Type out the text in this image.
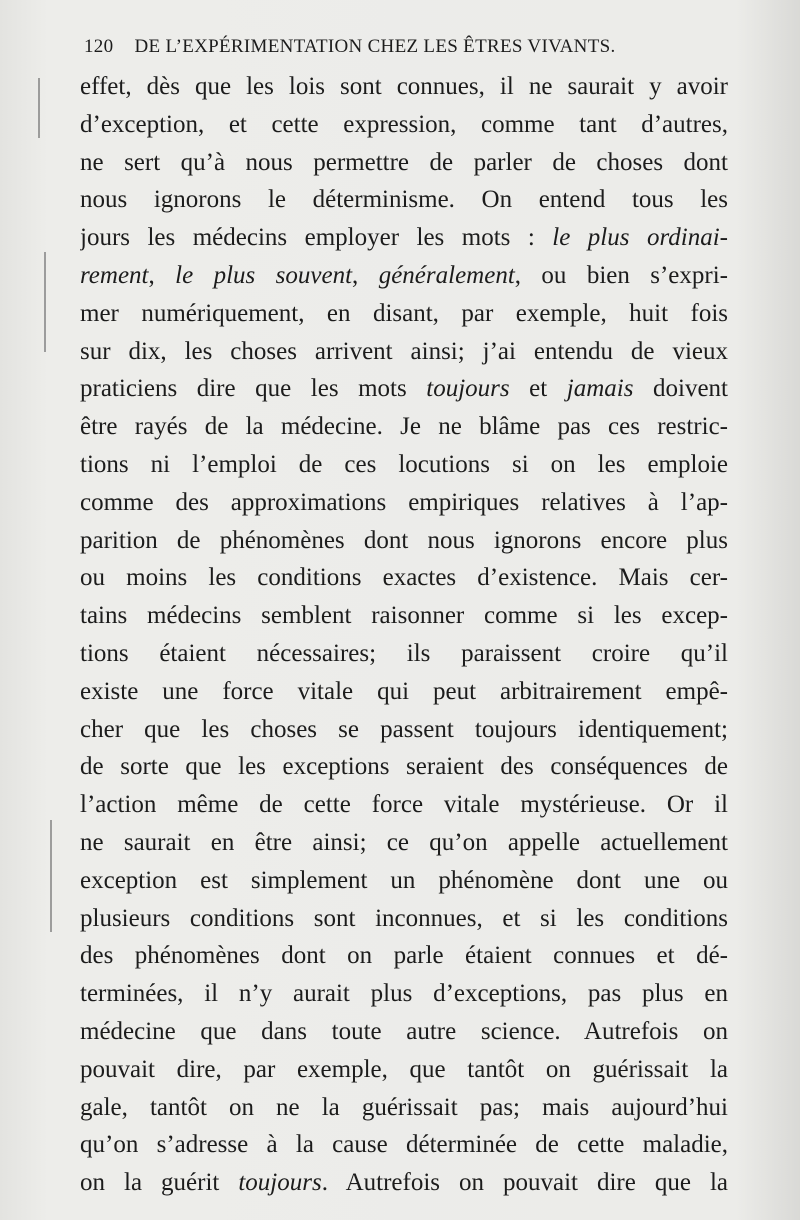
120 DE L’EXPÉRIMENTATION CHEZ LES ÊTRES VIVANTS.
effet, dès que les lois sont connues, il ne saurait y avoir
d’exception, et cette expression, comme tant d’autres,
ne sert qu’à nous permettre de parler de choses dont
nous ignorons le déterminisme. On entend tous les
jours les médecins employer les mots : le plus ordinai-
rement, le plus souvent, généralement, ou bien s’expri-
mer numériquement, en disant, par exemple, huit fois
sur dix, les choses arrivent ainsi; j’ai entendu de vieux
praticiens dire que les mots toujours et jamais doivent
être rayés de la médecine. Je ne blâme pas ces restric-
tions ni l’emploi de ces locutions si on les emploie
comme des approximations empiriques relatives à l’ap-
parition de phénomènes dont nous ignorons encore plus
ou moins les conditions exactes d’existence. Mais cer-
tains médecins semblent raisonner comme si les excep-
tions étaient nécessaires; ils paraissent croire qu’il
existe une force vitale qui peut arbitrairement empê-
cher que les choses se passent toujours identiquement;
de sorte que les exceptions seraient des conséquences de
l’action même de cette force vitale mystérieuse. Or il
ne saurait en être ainsi; ce qu’on appelle actuellement
exception est simplement un phénomène dont une ou
plusieurs conditions sont inconnues, et si les conditions
des phénomènes dont on parle étaient connues et dé-
terminées, il n’y aurait plus d’exceptions, pas plus en
médecine que dans toute autre science. Autrefois on
pouvait dire, par exemple, que tantôt on guérissait la
gale, tantôt on ne la guérissait pas; mais aujourd’hui
qu’on s’adresse à la cause déterminée de cette maladie,
on la guérit toujours. Autrefois on pouvait dire que la
